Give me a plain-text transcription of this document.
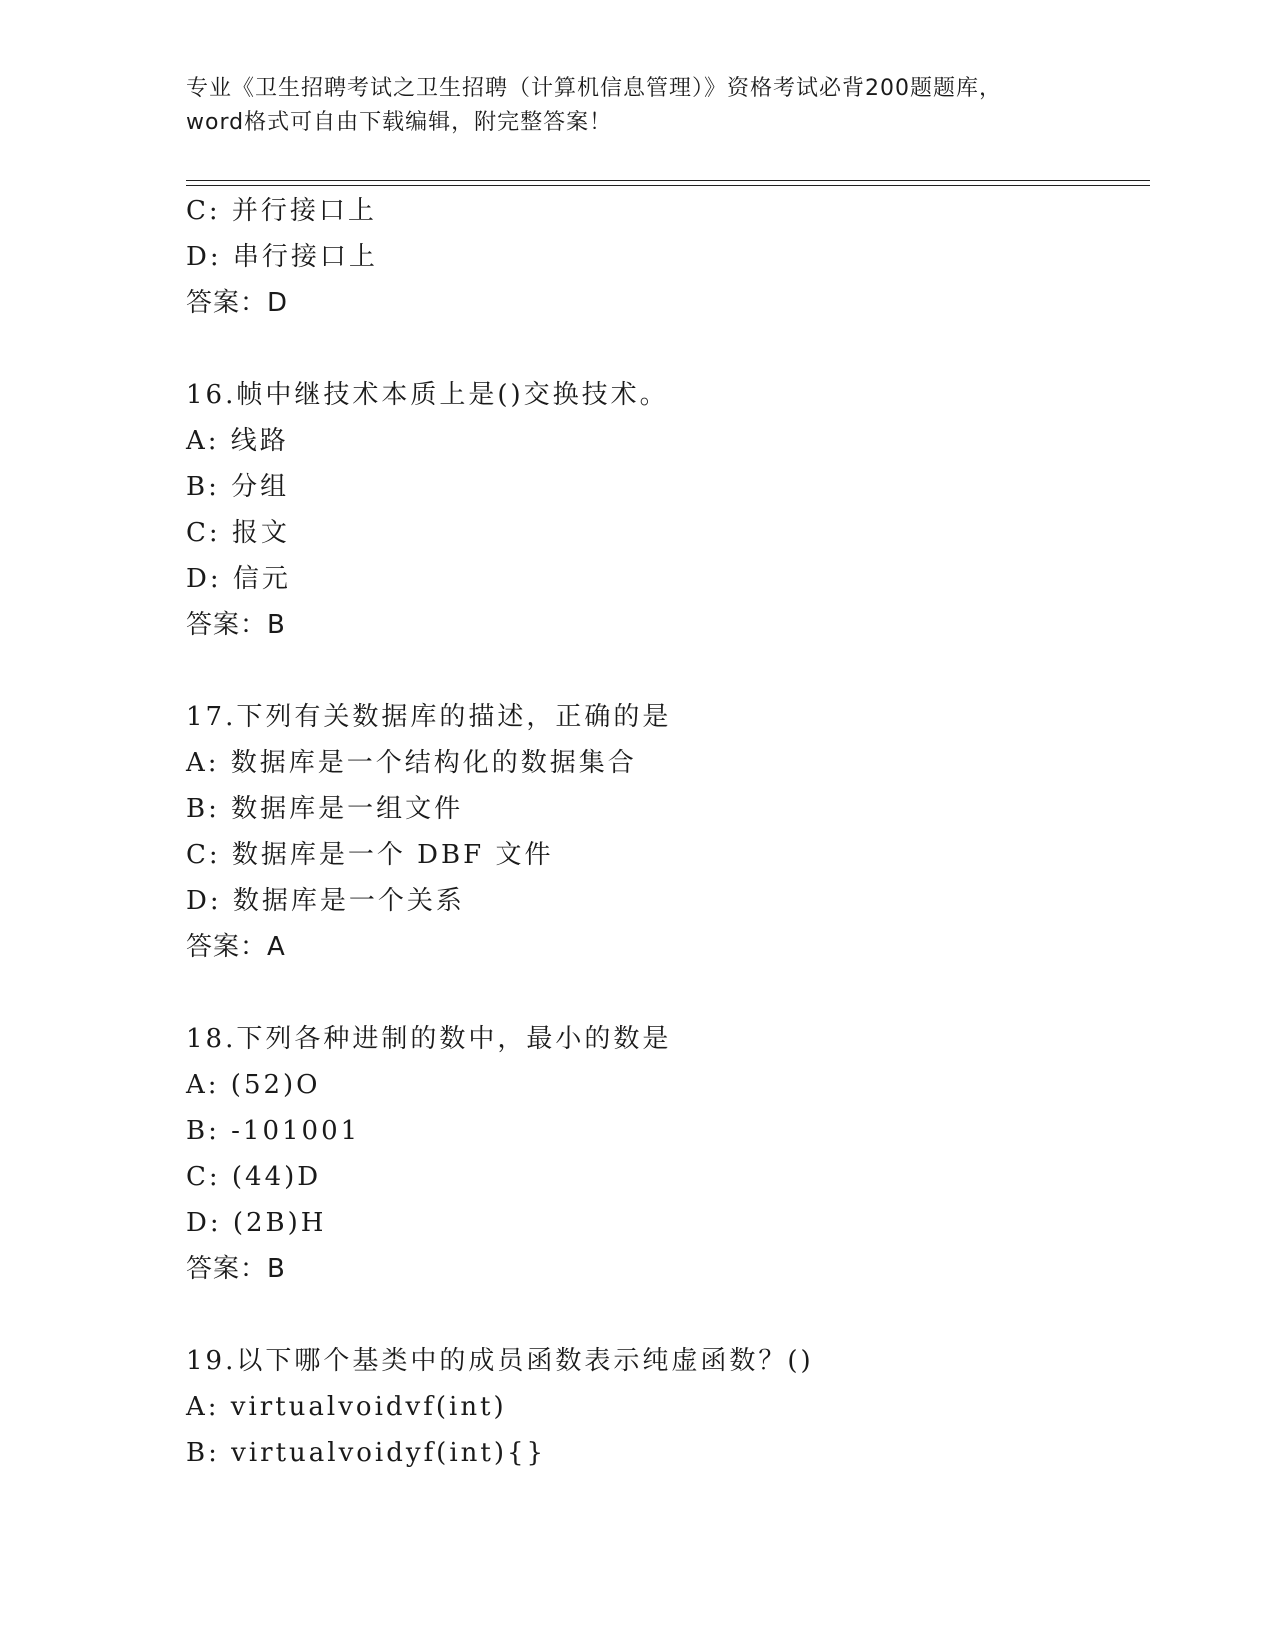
专业《卫生招聘考试之卫生招聘（计算机信息管理）》资格考试必背200题题库，
word格式可自由下载编辑，附完整答案！
C: 并行接口上
D: 串行接口上
答案：D
16.帧中继技术本质上是()交换技术。
A: 线路
B: 分组
C: 报文
D: 信元
答案：B
17.下列有关数据库的描述，正确的是
A: 数据库是一个结构化的数据集合
B: 数据库是一组文件
C: 数据库是一个 DBF 文件
D: 数据库是一个关系
答案：A
18.下列各种进制的数中，最小的数是
A: (52)O
B: -101001
C: (44)D
D: (2B)H
答案：B
19.以下哪个基类中的成员函数表示纯虚函数？()
A: virtualvoidvf(int)
B: virtualvoidyf(int){}
